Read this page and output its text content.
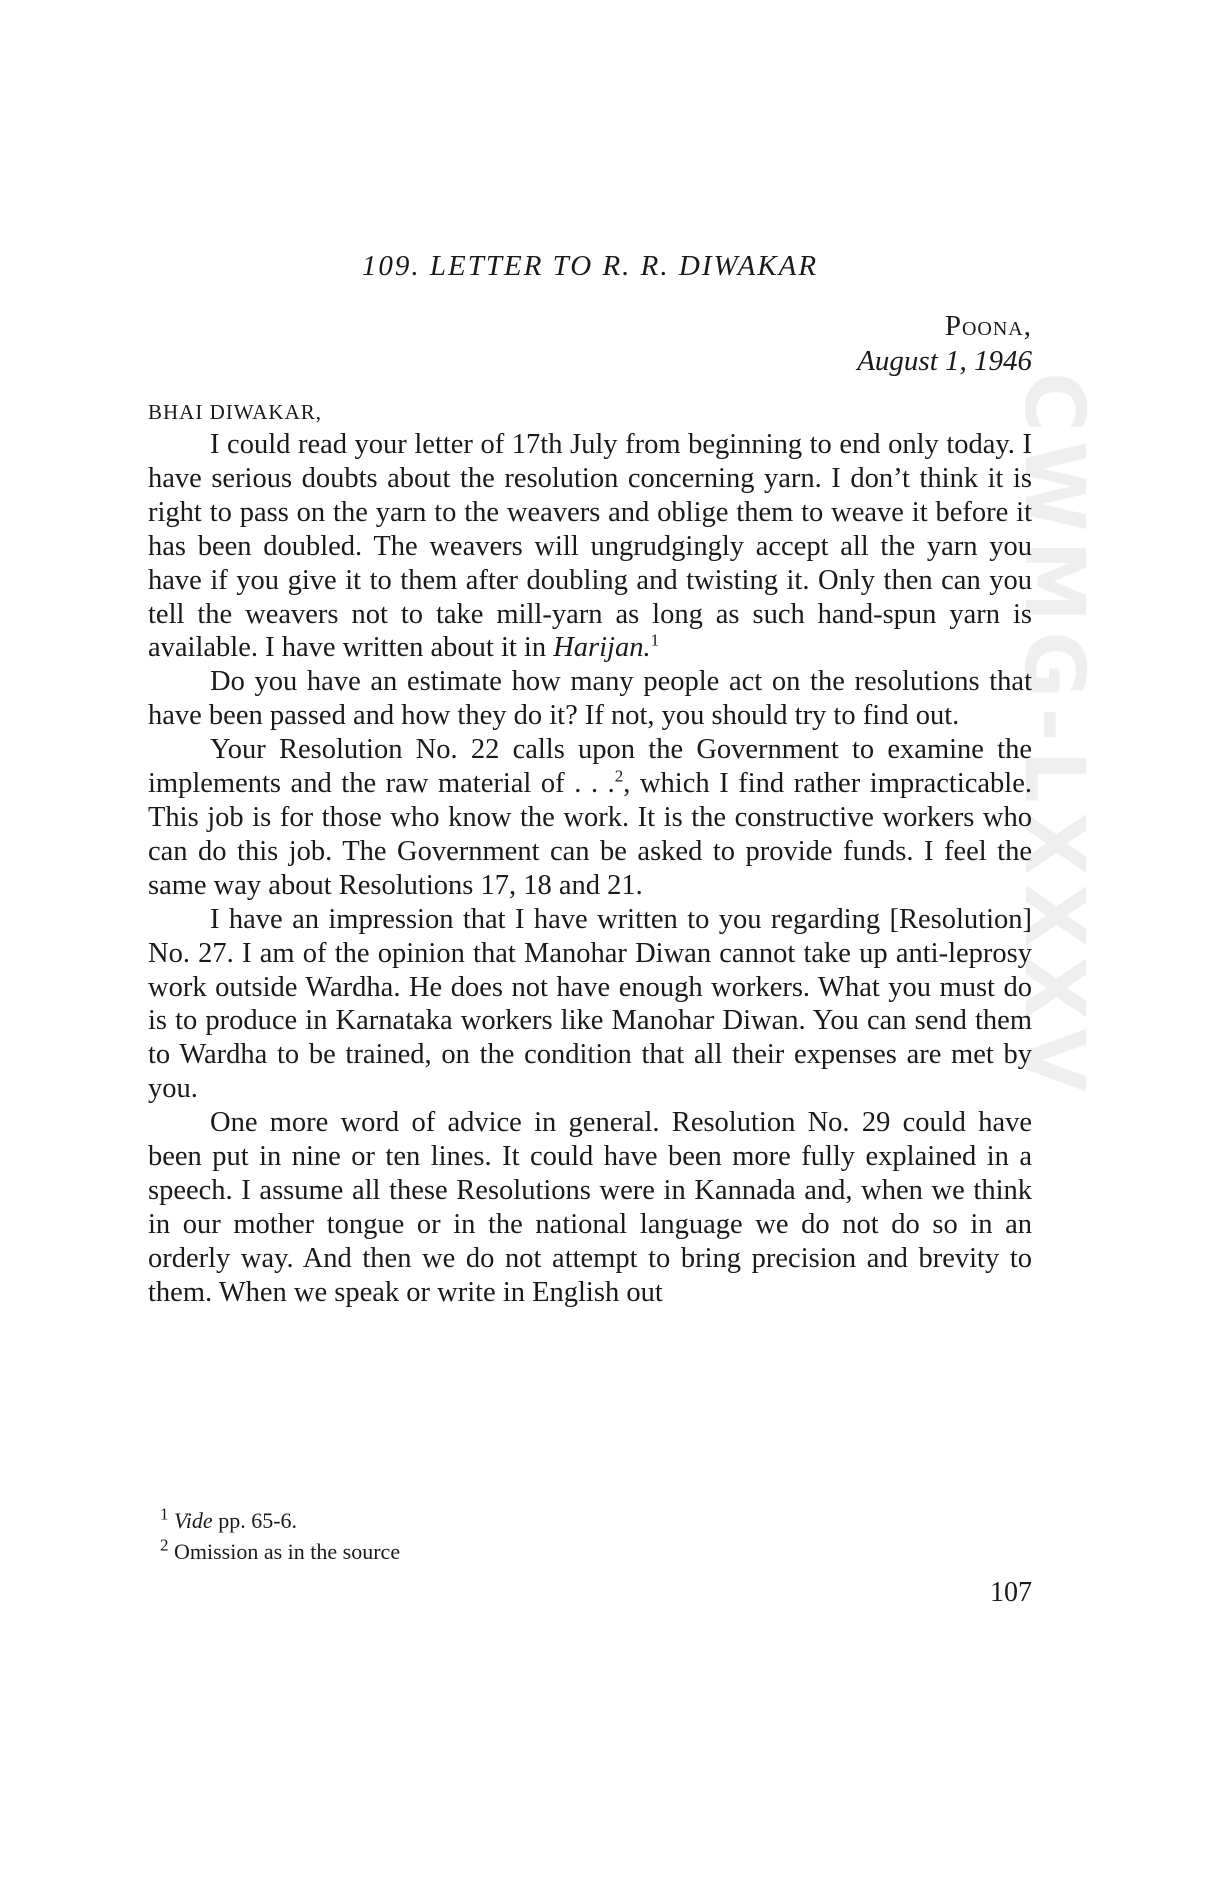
CWMG-LXXXV
109. LETTER TO R. R. DIWAKAR
Poona,
August 1, 1946
BHAI DIWAKAR,

I could read your letter of 17th July from beginning to end only today. I have serious doubts about the resolution concerning yarn. I don’t think it is right to pass on the yarn to the weavers and oblige them to weave it before it has been doubled. The weavers will ungrudgingly accept all the yarn you have if you give it to them after doubling and twisting it. Only then can you tell the weavers not to take mill-yarn as long as such hand-spun yarn is available. I have written about it in Harijan.$^1$

Do you have an estimate how many people act on the resolutions that have been passed and how they do it? If not, you should try to find out.

Your Resolution No. 22 calls upon the Government to examine the implements and the raw material of . . .$^2$, which I find rather impracticable. This job is for those who know the work. It is the constructive workers who can do this job. The Government can be asked to provide funds. I feel the same way about Resolutions 17, 18 and 21.

I have an impression that I have written to you regarding [Resolution] No. 27. I am of the opinion that Manohar Diwan cannot take up anti-leprosy work outside Wardha. He does not have enough workers. What you must do is to produce in Karnataka workers like Manohar Diwan. You can send them to Wardha to be trained, on the condition that all their expenses are met by you.

One more word of advice in general. Resolution No. 29 could have been put in nine or ten lines. It could have been more fully explained in a speech. I assume all these Resolutions were in Kannada and, when we think in our mother tongue or in the national language we do not do so in an orderly way. And then we do not attempt to bring precision and brevity to them. When we speak or write in English out

$^1$ Vide pp. 65-6.

$^2$ Omission as in the source

107
